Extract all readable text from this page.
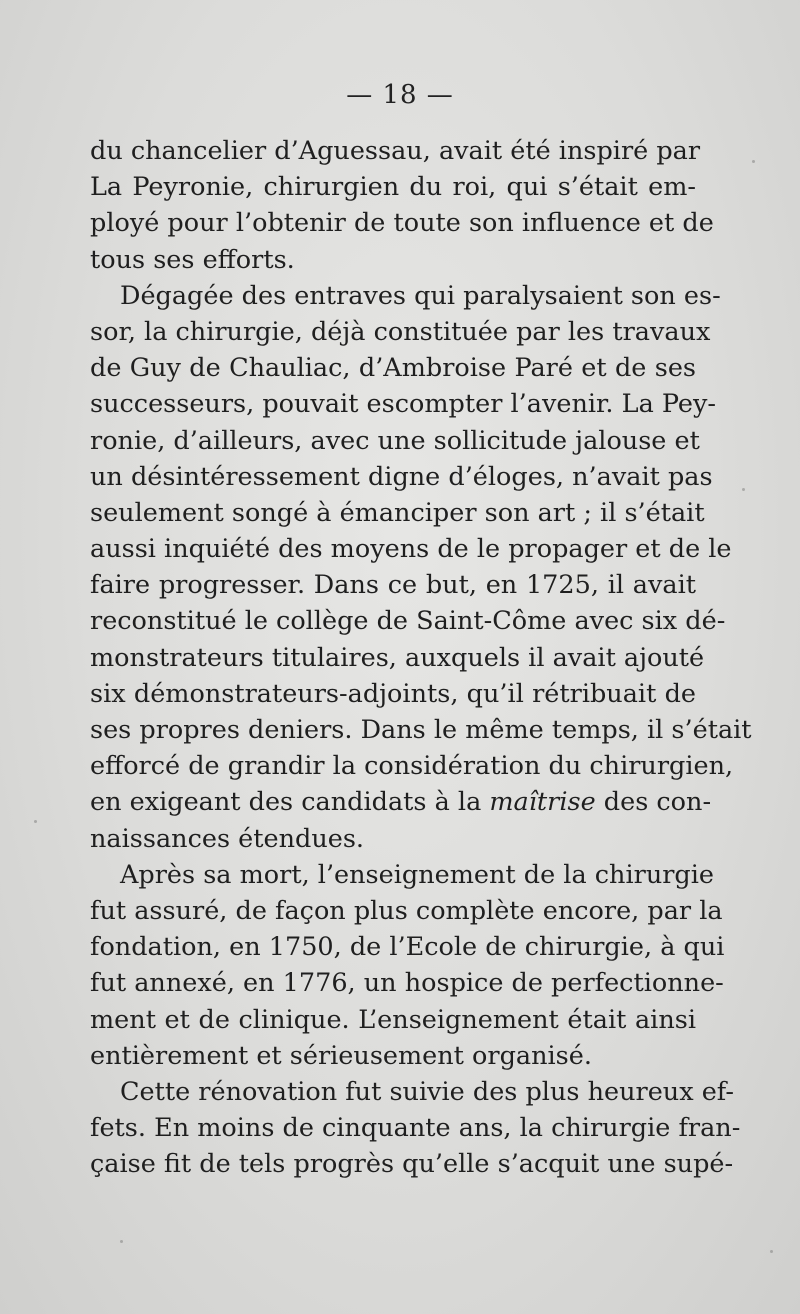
— 18 —
du chancelier d’Aguessau, avait été inspiré par
La Peyronie, chirurgien du roi, qui s’était em-
ployé pour l’obtenir de toute son influence et de
tous ses efforts.
Dégagée des entraves qui paralysaient son es-
sor, la chirurgie, déjà constituée par les travaux
de Guy de Chauliac, d’Ambroise Paré et de ses
successeurs, pouvait escompter l’avenir. La Pey-
ronie, d’ailleurs, avec une sollicitude jalouse et
un désintéressement digne d’éloges, n’avait pas
seulement songé à émanciper son art ; il s’était
aussi inquiété des moyens de le propager et de le
faire progresser. Dans ce but, en 1725, il avait
reconstitué le collège de Saint-Côme avec six dé-
monstrateurs titulaires, auxquels il avait ajouté
six démonstrateurs-adjoints, qu’il rétribuait de
ses propres deniers. Dans le même temps, il s’était
efforcé de grandir la considération du chirurgien,
en exigeant des candidats à la maîtrise des con-
naissances étendues.
Après sa mort, l’enseignement de la chirurgie
fut assuré, de façon plus complète encore, par la
fondation, en 1750, de l’Ecole de chirurgie, à qui
fut annexé, en 1776, un hospice de perfectionne-
ment et de clinique. L’enseignement était ainsi
entièrement et sérieusement organisé.
Cette rénovation fut suivie des plus heureux ef-
fets. En moins de cinquante ans, la chirurgie fran-
çaise fit de tels progrès qu’elle s’acquit une supé-
